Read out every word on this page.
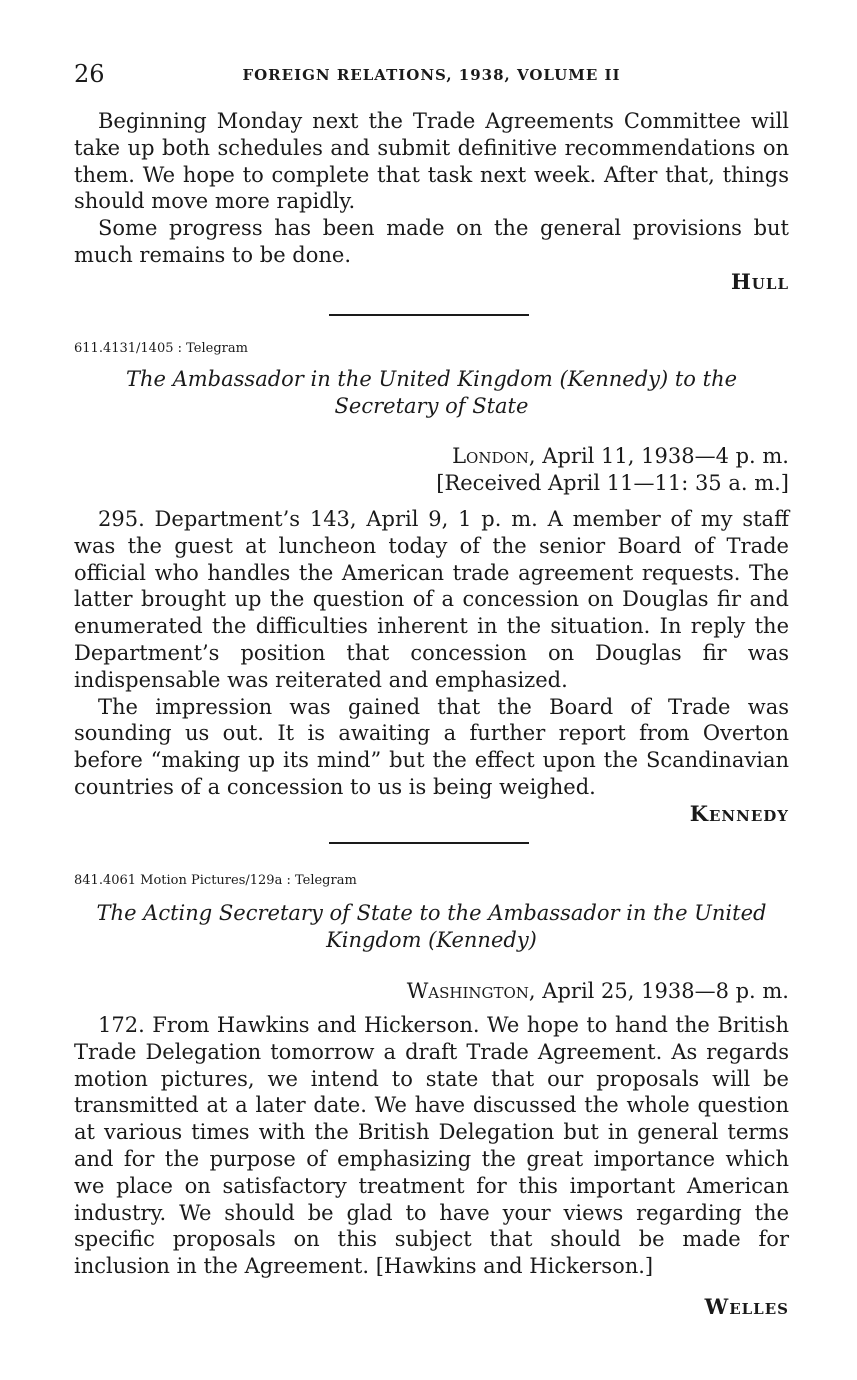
26	FOREIGN RELATIONS, 1938, VOLUME II

Beginning Monday next the Trade Agreements Committee will take up both schedules and submit definitive recommendations on them. We hope to complete that task next week. After that, things should move more rapidly.

Some progress has been made on the general provisions but much remains to be done.

Hull

611.4131/1405 : Telegram
The Ambassador in the United Kingdom (Kennedy) to the Secretary of State
London, April 11, 1938—4 p. m.
[Received April 11—11: 35 a. m.]

295. Department’s 143, April 9, 1 p. m. A member of my staff was the guest at luncheon today of the senior Board of Trade official who handles the American trade agreement requests. The latter brought up the question of a concession on Douglas fir and enumerated the difficulties inherent in the situation. In reply the Department’s position that concession on Douglas fir was indispensable was reiterated and emphasized.

The impression was gained that the Board of Trade was sounding us out. It is awaiting a further report from Overton before “making up its mind” but the effect upon the Scandinavian countries of a concession to us is being weighed.

Kennedy

841.4061 Motion Pictures/129a : Telegram
The Acting Secretary of State to the Ambassador in the United Kingdom (Kennedy)
Washington, April 25, 1938—8 p. m.

172. From Hawkins and Hickerson. We hope to hand the British Trade Delegation tomorrow a draft Trade Agreement. As regards motion pictures, we intend to state that our proposals will be transmitted at a later date. We have discussed the whole question at various times with the British Delegation but in general terms and for the purpose of emphasizing the great importance which we place on satisfactory treatment for this important American industry. We should be glad to have your views regarding the specific proposals on this subject that should be made for inclusion in the Agreement. [Hawkins and Hickerson.]

Welles
